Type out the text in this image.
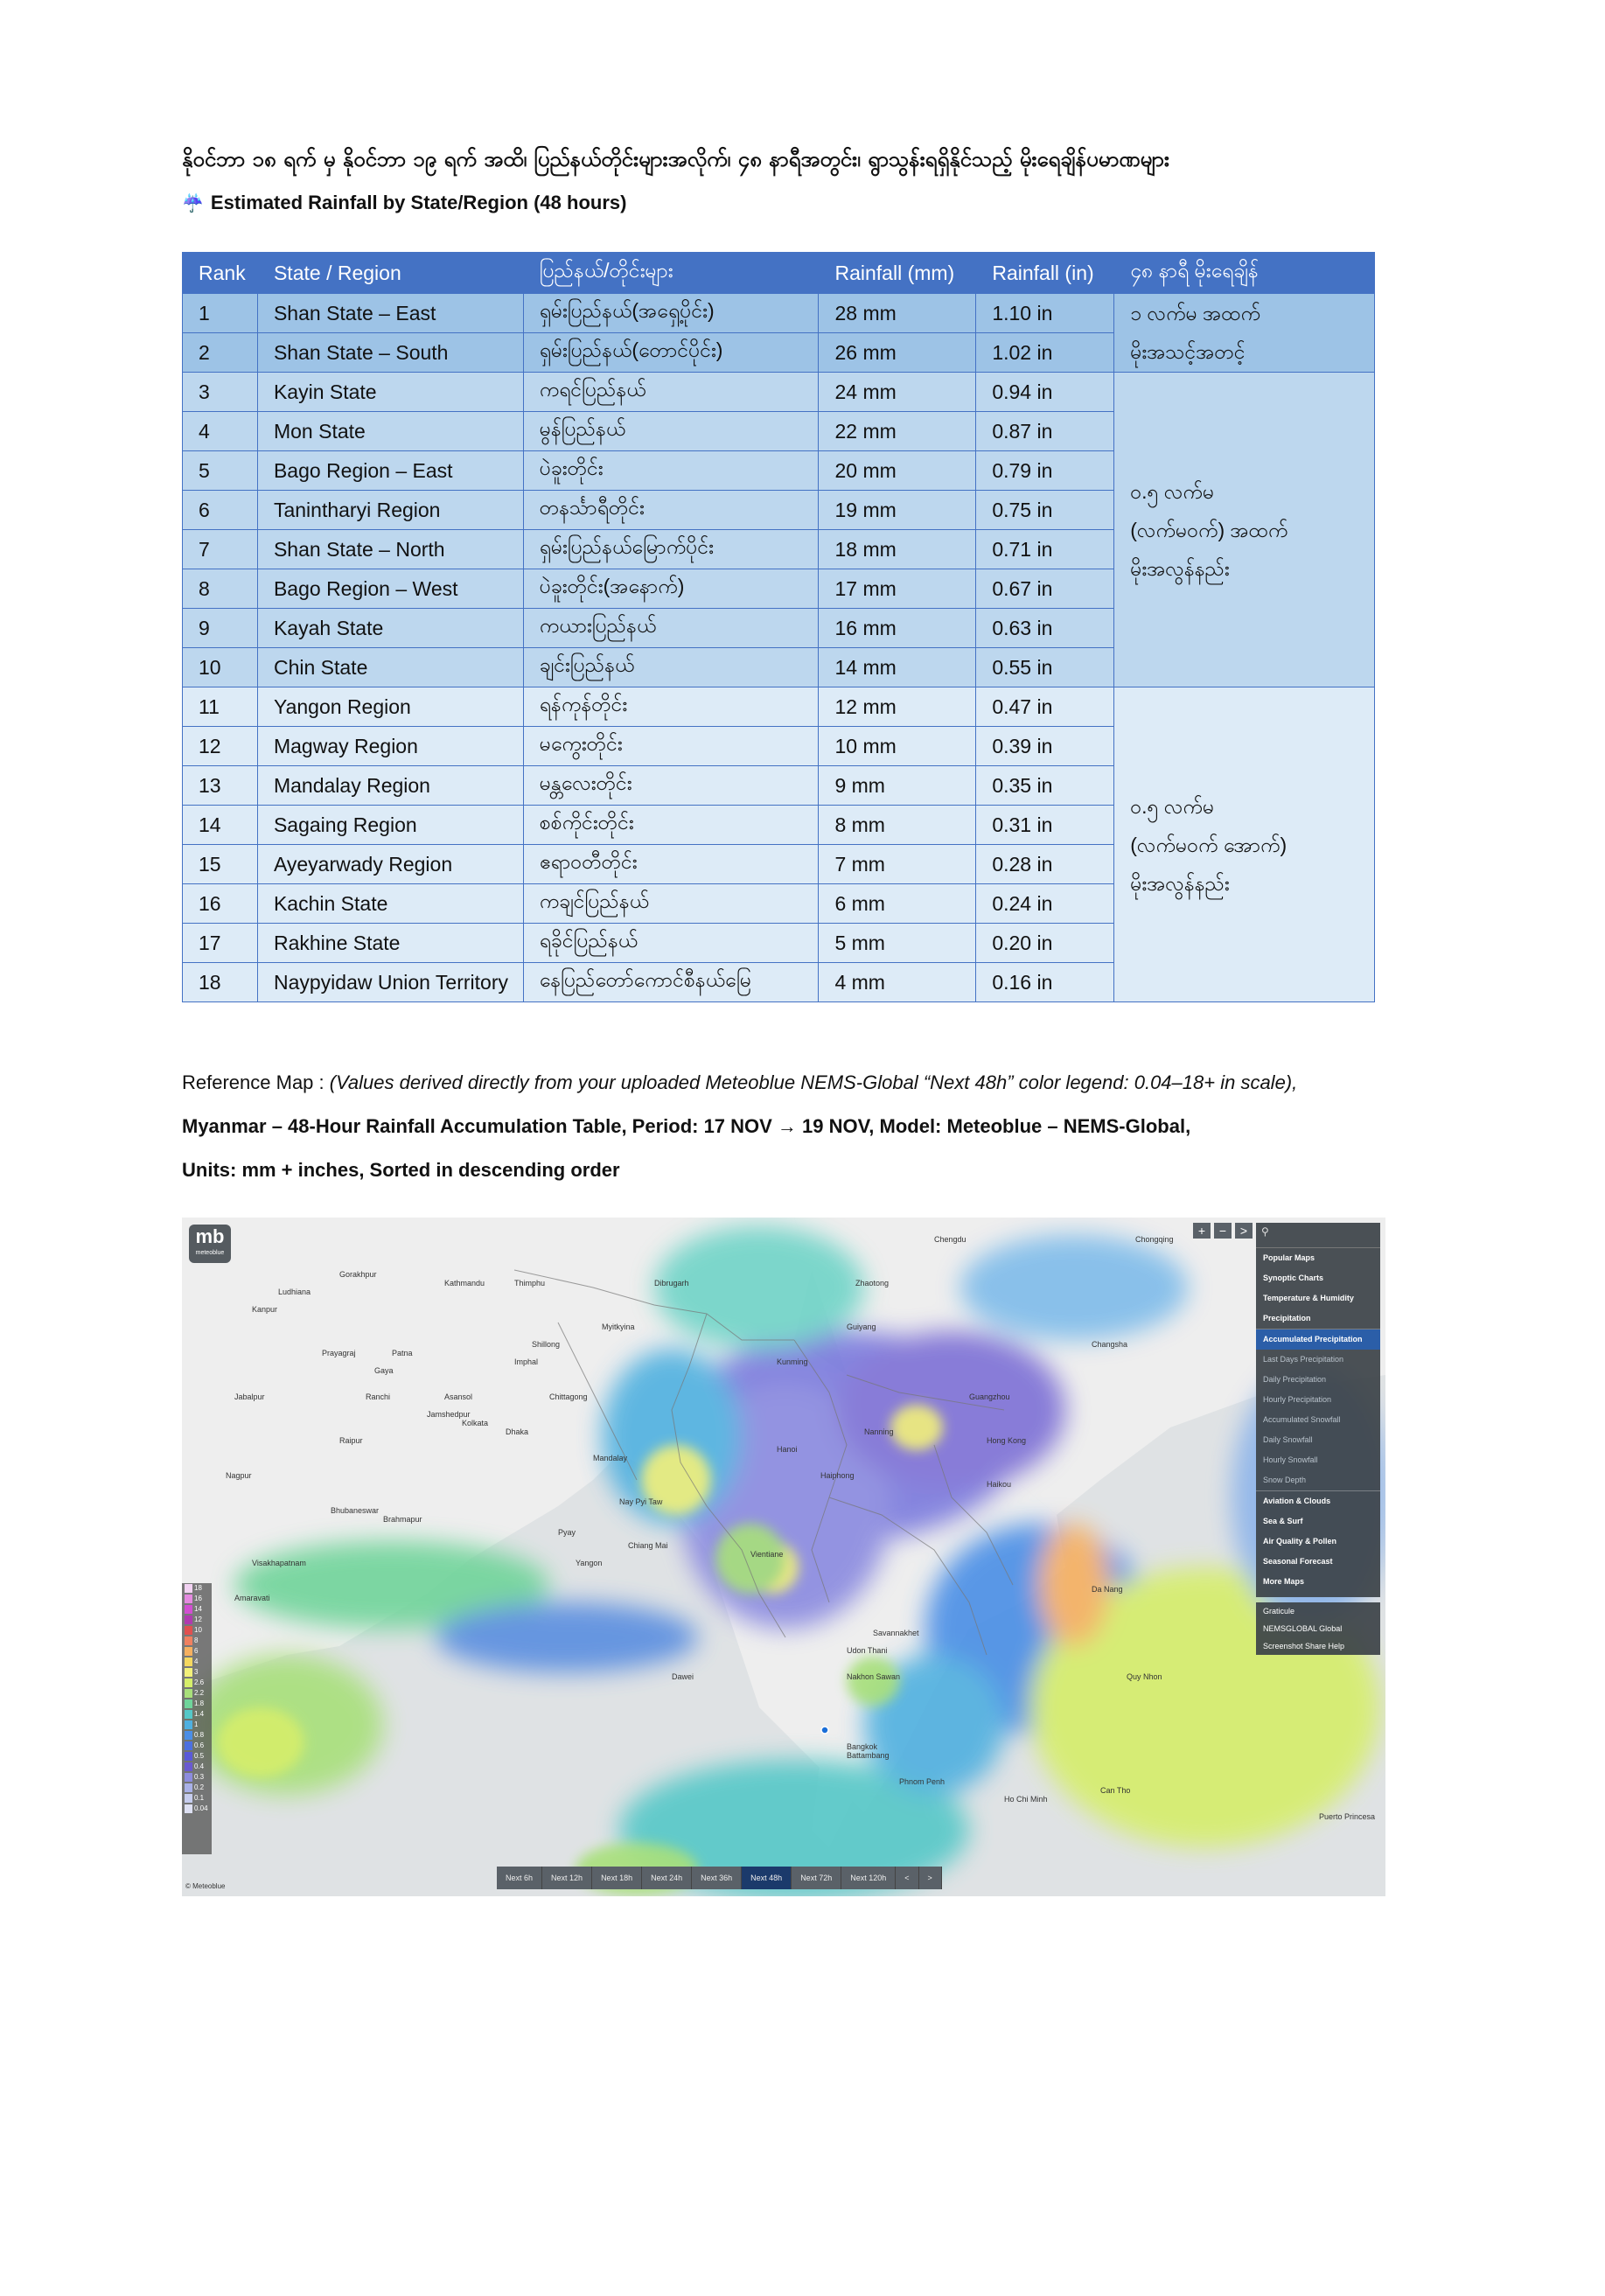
နိုဝင်ဘာ ၁၈ ရက် မှ နိုဝင်ဘာ ၁၉ ရက် အထိ၊ ပြည်နယ်တိုင်းများအလိုက်၊ ၄၈ နာရီအတွင်း၊ ရွာသွန်းရရှိနိုင်သည့် မိုးရေချိန်ပမာဏများ
☔ Estimated Rainfall by State/Region (48 hours)
Rank	State / Region	ပြည်နယ်/တိုင်းများ	Rainfall (mm)	Rainfall (in)	၄၈ နာရီ မိုးရေချိန်
1	Shan State – East	ရှမ်းပြည်နယ်(အရှေ့ပိုင်း)	28 mm	1.10 in	၁ လက်မ အထက်
မိုးအသင့်အတင့်

2	Shan State – South	ရှမ်းပြည်နယ်(တောင်ပိုင်း)	26 mm	1.02 in	
3	Kayin State	ကရင်ပြည်နယ်	24 mm	0.94 in	၀.၅ လက်မ
(လက်မဝက်) အထက်
မိုးအလွန်နည်း

4	Mon State	မွန်ပြည်နယ်	22 mm	0.87 in	
5	Bago Region – East	ပဲခူးတိုင်း	20 mm	0.79 in	
6	Tanintharyi Region	တနင်္သာရီတိုင်း	19 mm	0.75 in	
7	Shan State – North	ရှမ်းပြည်နယ်မြောက်ပိုင်း	18 mm	0.71 in	
8	Bago Region – West	ပဲခူးတိုင်း(အနောက်)	17 mm	0.67 in	
9	Kayah State	ကယားပြည်နယ်	16 mm	0.63 in	
10	Chin State	ချင်းပြည်နယ်	14 mm	0.55 in	
11	Yangon Region	ရန်ကုန်တိုင်း	12 mm	0.47 in	၀.၅ လက်မ
(လက်မဝက် အောက်)
မိုးအလွန်နည်း

12	Magway Region	မကွေးတိုင်း	10 mm	0.39 in	
13	Mandalay Region	မန္တလေးတိုင်း	9 mm	0.35 in	
14	Sagaing Region	စစ်ကိုင်းတိုင်း	8 mm	0.31 in	
15	Ayeyarwady Region	ဧရာဝတီတိုင်း	7 mm	0.28 in	
16	Kachin State	ကချင်ပြည်နယ်	6 mm	0.24 in	
17	Rakhine State	ရခိုင်ပြည်နယ်	5 mm	0.20 in	
18	Naypyidaw Union Territory	နေပြည်တော်ကောင်စီနယ်မြေ	4 mm	0.16 in	
Reference Map : (Values derived directly from your uploaded Meteoblue NEMS-Global “Next 48h” color legend: 0.04–18+ in scale),
Myanmar – 48-Hour Rainfall Accumulation Table, Period: 17 NOV → 19 NOV, Model: Meteoblue – NEMS-Global,
Units: mm + inches, Sorted in descending order
Ludhiana
Kanpur
Gorakhpur
Kathmandu	Thimphu	Dibrugarh
Prayagraj	Patna
Gaya
Shillong
Imphal
Myitkyina
Ranchi	Asansol
Jabalpur
Jamshedpur
Kolkata
Dhaka
Chittagong
Mandalay
Nagpur
Raipur
Bhubaneswar
Brahmapur
Nay Pyi Taw
Pyay
Yangon
Chiang Mai
Vientiane
Hanoi
Haiphong
Kunming
Guiyang
Nanning
Guangzhou
Hong Kong
Zhaotong
Chengdu	Chongqing
Changsha
Visakhapatnam
Amaravati
Bangkok
Nakhon Sawan
Udon Thani
Savannakhet
Da Nang
Quy Nhon
Phnom Penh
Battambang
Ho Chi Minh
Can Tho
Dawei
Haikou
Puerto Princesa
mb
meteoblue
+	−	>	⚲
Popular Maps
Synoptic Charts
Temperature & Humidity
Precipitation
Accumulated Precipitation
Last Days Precipitation
Daily Precipitation
Hourly Precipitation
Accumulated Snowfall
Daily Snowfall
Hourly Snowfall
Snow Depth
Aviation & Clouds
Sea & Surf
Air Quality & Pollen
Seasonal Forecast
More Maps
Graticule
NEMSGLOBAL Global
Screenshot Share Help
18
16
14
12
10
8
6
4
3
2.6
2.2
1.8
1.4
1
0.8
0.6
0.5
0.4
0.3
0.2
0.1
0.04
Next 6h	Next 12h	Next 18h	Next 24h	Next 36h	Next 48h	Next 72h	Next 120h	<	>
© Meteoblue
